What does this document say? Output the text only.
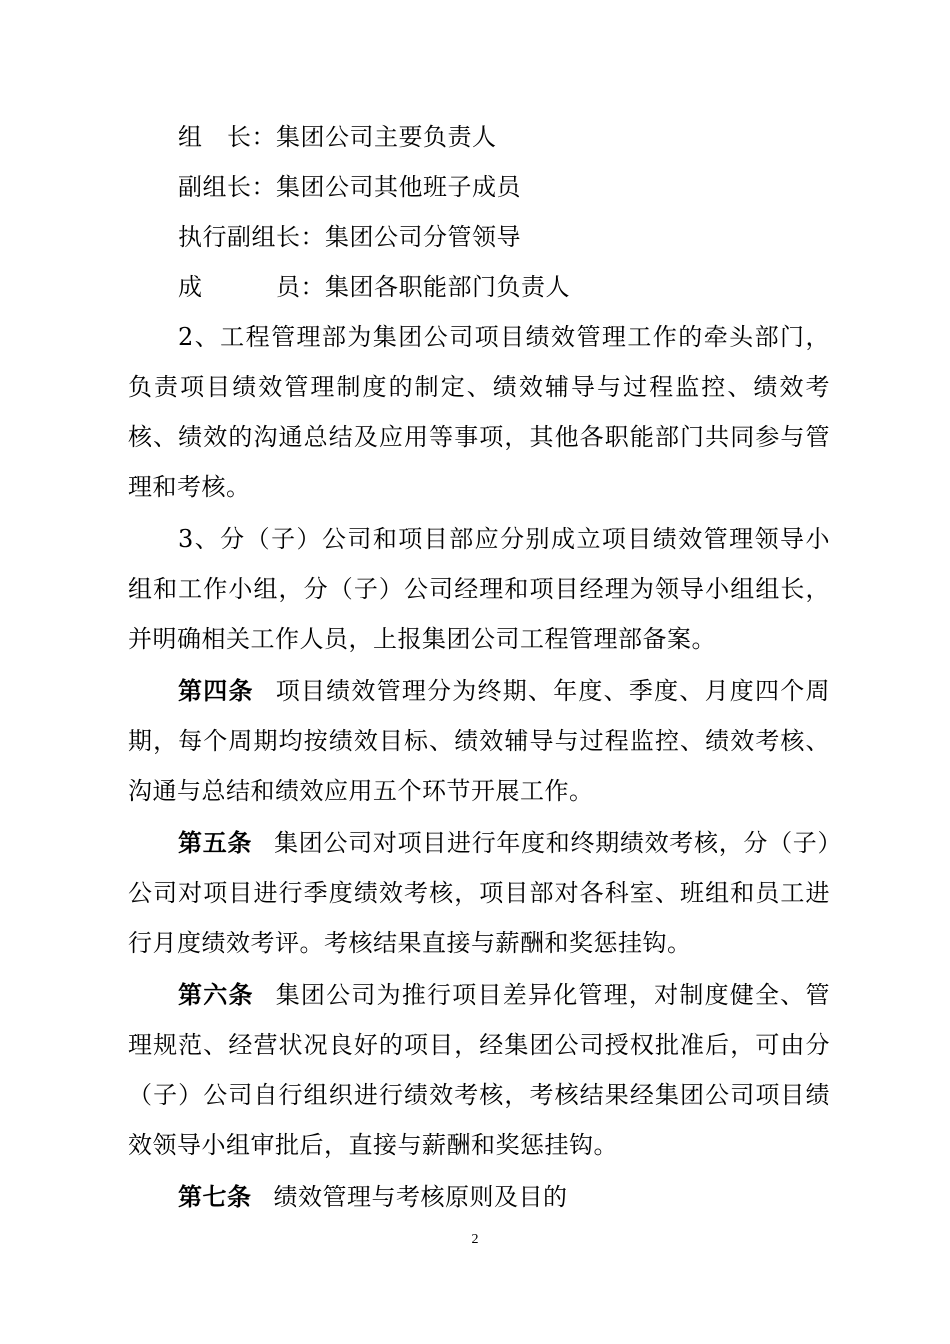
组　长：集团公司主要负责人

副组长：集团公司其他班子成员

执行副组长：集团公司分管领导

成　　　员：集团各职能部门负责人

2、工程管理部为集团公司项目绩效管理工作的牵头部门，负责项目绩效管理制度的制定、绩效辅导与过程监控、绩效考核、绩效的沟通总结及应用等事项，其他各职能部门共同参与管理和考核。

3、分（子）公司和项目部应分别成立项目绩效管理领导小组和工作小组，分（子）公司经理和项目经理为领导小组组长，并明确相关工作人员，上报集团公司工程管理部备案。

第四条 项目绩效管理分为终期、年度、季度、月度四个周期，每个周期均按绩效目标、绩效辅导与过程监控、绩效考核、沟通与总结和绩效应用五个环节开展工作。

第五条 集团公司对项目进行年度和终期绩效考核，分（子）公司对项目进行季度绩效考核，项目部对各科室、班组和员工进行月度绩效考评。考核结果直接与薪酬和奖惩挂钩。

第六条 集团公司为推行项目差异化管理，对制度健全、管理规范、经营状况良好的项目，经集团公司授权批准后，可由分（子）公司自行组织进行绩效考核，考核结果经集团公司项目绩效领导小组审批后，直接与薪酬和奖惩挂钩。

第七条 绩效管理与考核原则及目的

2
